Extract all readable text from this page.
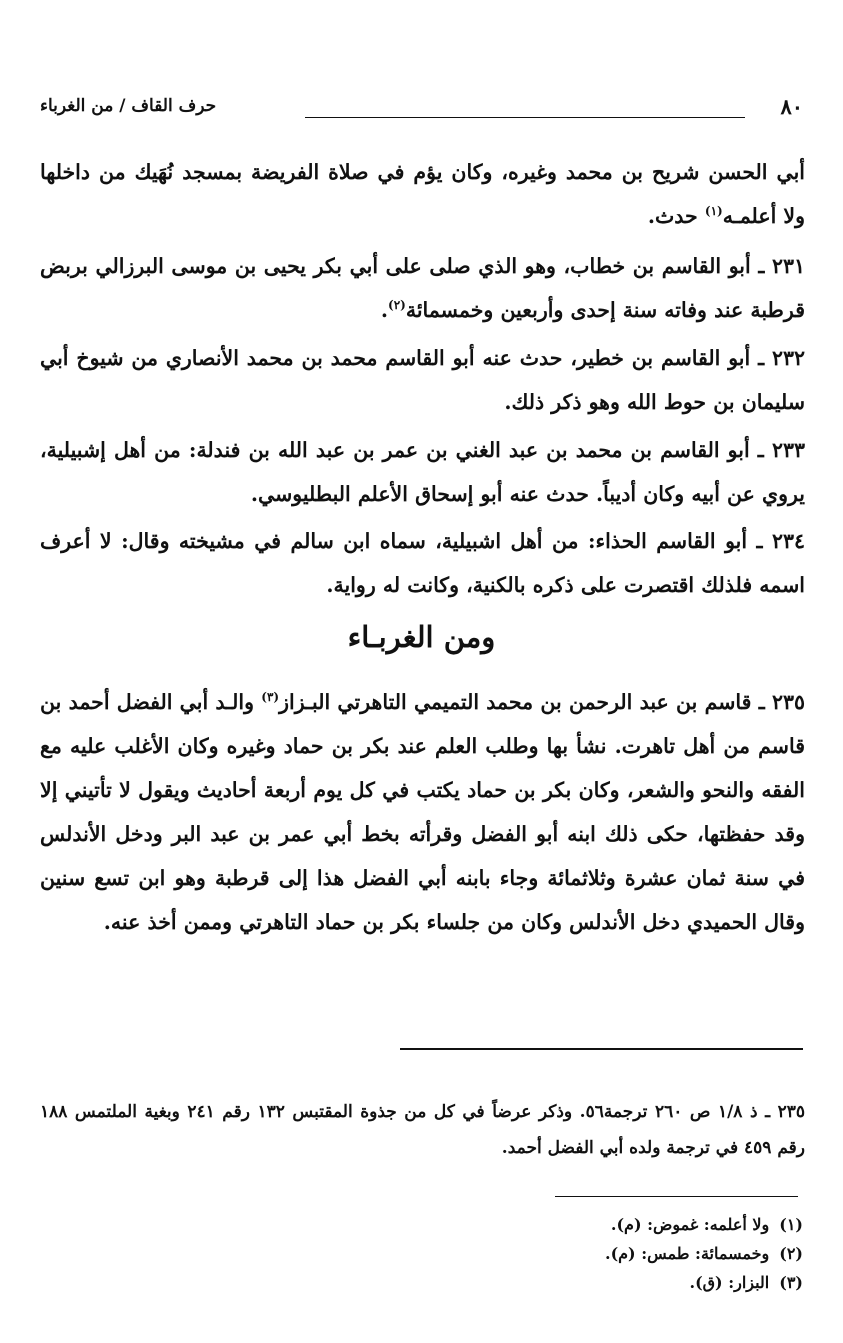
٨٠
حرف القاف / من الغرباء
أبي الحسن شريح بن محمد وغيره، وكان يؤم في صلاة الفريضة بمسجد نُهَيك من داخلها ولا أعلمـه$^{(١)}$ حدث.
٢٣١ ـ أبو القاسم بن خطاب، وهو الذي صلى على أبي بكر يحيى بن موسى البرزالي بربض قرطبة عند وفاته سنة إحدى وأربعين وخمسمائة$^{(٢)}$.
٢٣٢ ـ أبو القاسم بن خطير، حدث عنه أبو القاسم محمد بن محمد الأنصاري من شيوخ أبي سليمان بن حوط الله وهو ذكر ذلك.
٢٣٣ ـ أبو القاسم بن محمد بن عبد الغني بن عمر بن عبد الله بن فندلة: من أهل إشبيلية، يروي عن أبيه وكان أديباً. حدث عنه أبو إسحاق الأعلم البطليوسي.
٢٣٤ ـ أبو القاسم الحذاء: من أهل اشبيلية، سماه ابن سالم في مشيخته وقال: لا أعرف اسمه فلذلك اقتصرت على ذكره بالكنية، وكانت له رواية.
ومن الغربـاء
٢٣٥ ـ قاسم بن عبد الرحمن بن محمد التميمي التاهرتي البـزاز$^{(٣)}$ والـد أبي الفضل أحمد بن قاسم من أهل تاهرت. نشأ بها وطلب العلم عند بكر بن حماد وغيره وكان الأغلب عليه مع الفقه والنحو والشعر، وكان بكر بن حماد يكتب في كل يوم أربعة أحاديث ويقول لا تأتيني إلا وقد حفظتها، حكى ذلك ابنه أبو الفضل وقرأته بخط أبي عمر بن عبد البر ودخل الأندلس في سنة ثمان عشرة وثلاثمائة وجاء بابنه أبي الفضل هذا إلى قرطبة وهو ابن تسع سنين وقال الحميدي دخل الأندلس وكان من جلساء بكر بن حماد التاهرتي وممن أخذ عنه.
٢٣٥ ـ ذ ١/٨ ص ٢٦٠ ترجمة٥٦. وذكر عرضاً في كل من جذوة المقتبس ١٣٢ رقم ٢٤١ وبغية الملتمس ١٨٨ رقم ٤٥٩ في ترجمة ولده أبي الفضل أحمد.
(١)
ولا أعلمه: غموض: (م).
(٢)
وخمسمائة: طمس: (م).
(٣)
البزار: (ق).
